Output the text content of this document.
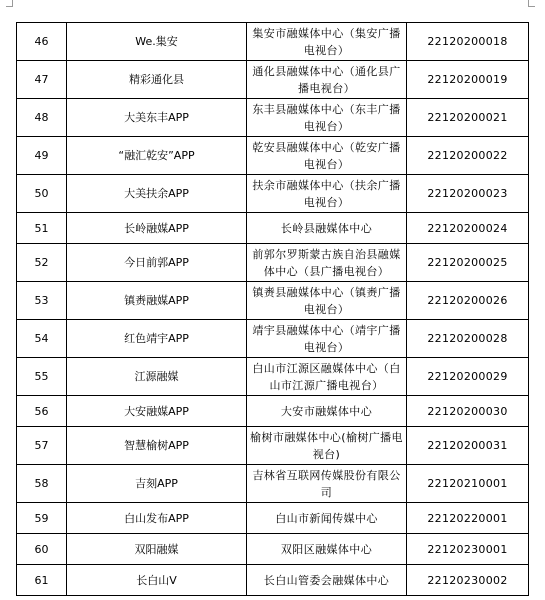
46	We.集安	集安市融媒体中心（集安广播电视台）	22120200018
47	精彩通化县	通化县融媒体中心（通化县广播电视台）	22120200019
48	大美东丰APP	东丰县融媒体中心（东丰广播电视台）	22120200021
49	“融汇乾安”APP	乾安县融媒体中心（乾安广播电视台）	22120200022
50	大美扶余APP	扶余市融媒体中心（扶余广播电视台）	22120200023
51	长岭融媒APP	长岭县融媒体中心	22120200024
52	今日前郭APP	前郭尔罗斯蒙古族自治县融媒体中心（县广播电视台）	22120200025
53	镇赉融媒APP	镇赉县融媒体中心（镇赉广播电视台）	22120200026
54	红色靖宇APP	靖宇县融媒体中心（靖宇广播电视台）	22120200028
55	江源融媒	白山市江源区融媒体中心（白山市江源广播电视台）	22120200029
56	大安融媒APP	大安市融媒体中心	22120200030
57	智慧榆树APP	榆树市融媒体中心(榆树广播电视台)	22120200031
58	吉刻APP	吉林省互联网传媒股份有限公司	22120210001
59	白山发布APP	白山市新闻传媒中心	22120220001
60	双阳融媒	双阳区融媒体中心	22120230001
61	长白山V	长白山管委会融媒体中心	22120230002
